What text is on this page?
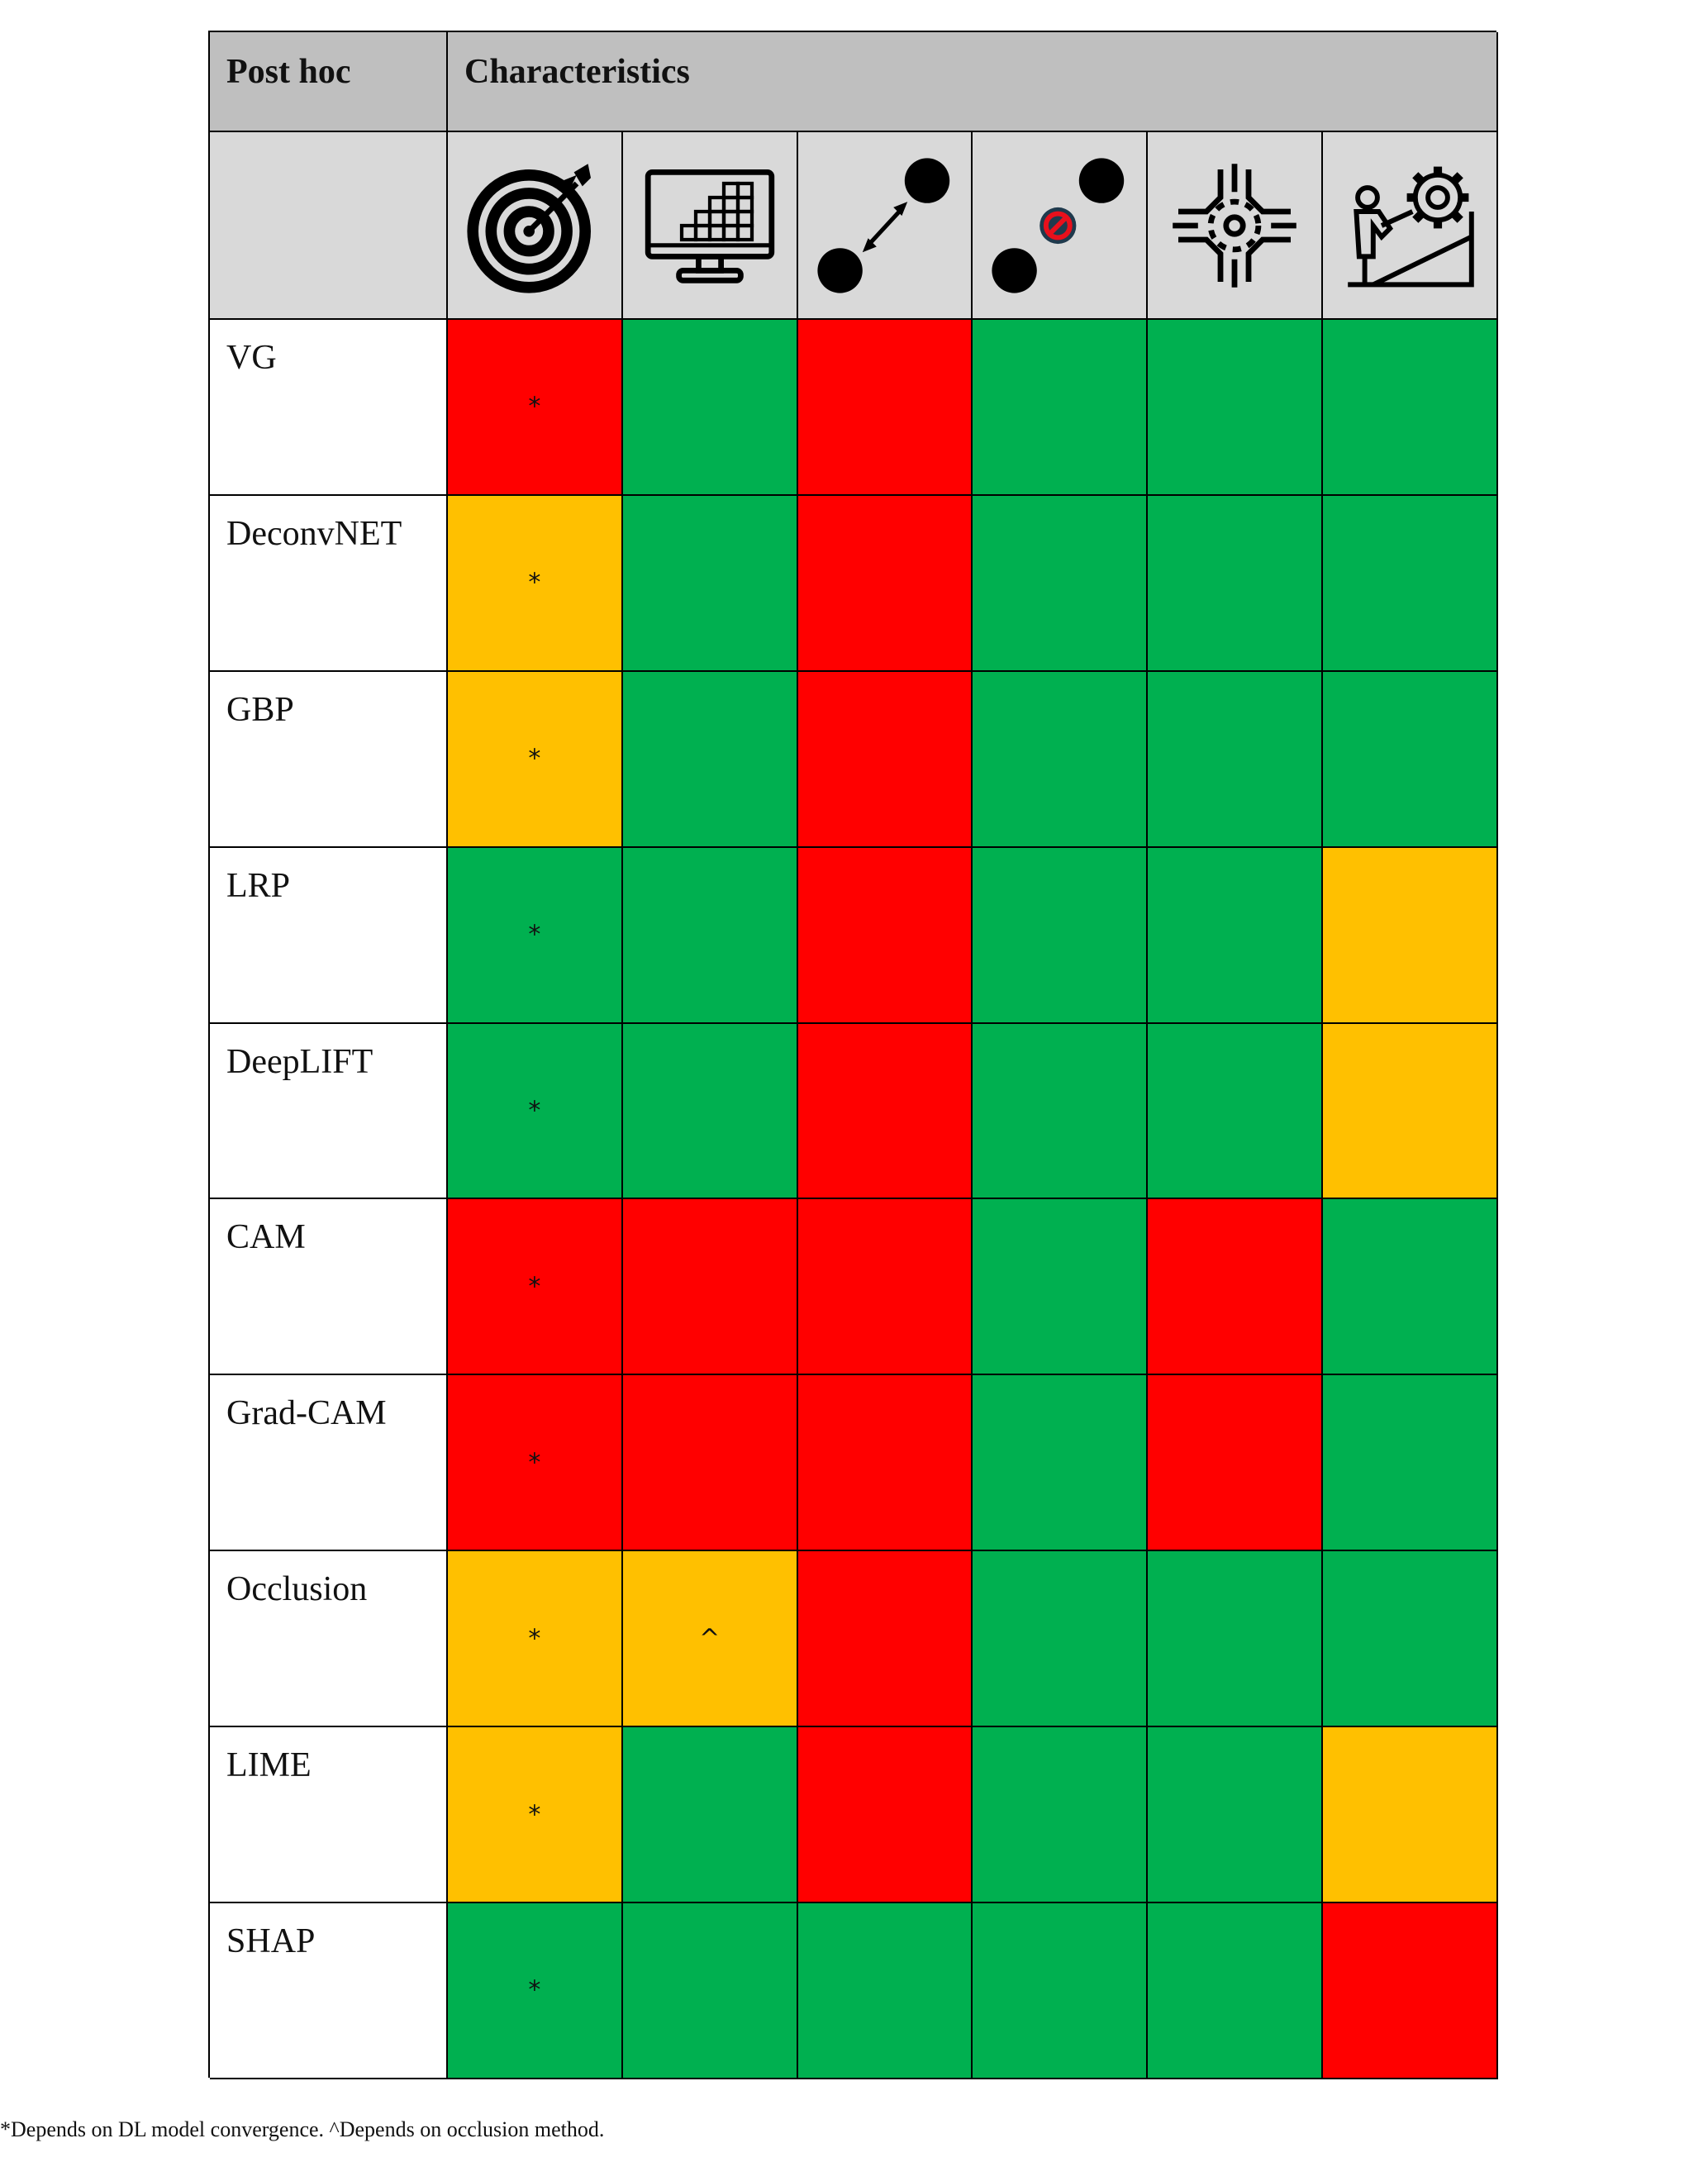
Post hoc	Characteristics
VG
*
DeconvNET
*
GBP
*
LRP
*
DeepLIFT
*
CAM
*
Grad-CAM
*
Occlusion
*	^
LIME
*
SHAP
*
*Depends on DL model convergence. ^Depends on occlusion method.
